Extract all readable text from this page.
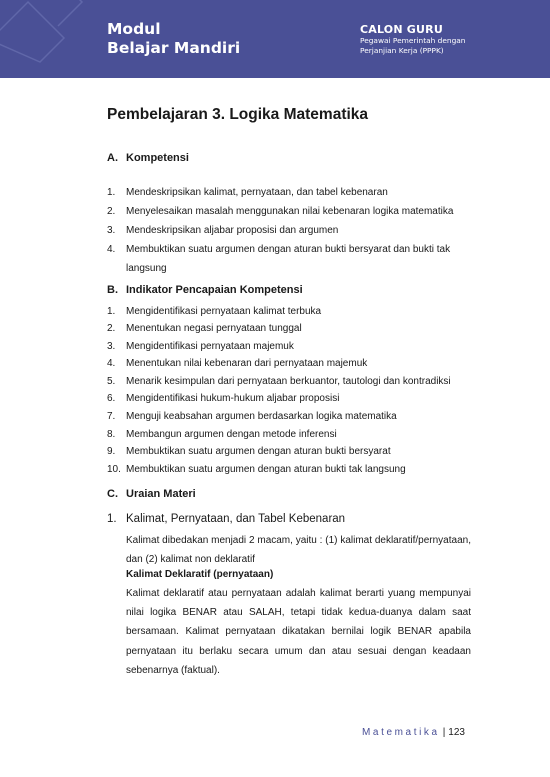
Modul
Belajar Mandiri
CALON GURU
Pegawai Pemerintah dengan
Perjanjian Kerja (PPPK)
Pembelajaran 3. Logika Matematika
A. Kompetensi
1. Mendeskripsikan kalimat, pernyataan, dan tabel kebenaran
2. Menyelesaikan masalah menggunakan nilai kebenaran logika matematika
3. Mendeskripsikan aljabar proposisi dan argumen
4. Membuktikan suatu argumen dengan aturan bukti bersyarat dan bukti tak
langsung
B. Indikator Pencapaian Kompetensi
1. Mengidentifikasi pernyataan kalimat terbuka
2. Menentukan negasi pernyataan tunggal
3. Mengidentifikasi pernyataan majemuk
4. Menentukan nilai kebenaran dari pernyataan majemuk
5. Menarik kesimpulan dari pernyataan berkuantor, tautologi dan kontradiksi
6. Mengidentifikasi hukum-hukum aljabar proposisi
7. Menguji keabsahan argumen berdasarkan logika matematika
8. Membangun argumen dengan metode inferensi
9. Membuktikan suatu argumen dengan aturan bukti bersyarat
10. Membuktikan suatu argumen dengan aturan bukti tak langsung
C. Uraian Materi
1. Kalimat, Pernyataan, dan Tabel Kebenaran
Kalimat dibedakan menjadi 2 macam, yaitu : (1) kalimat deklaratif/pernyataan, dan (2) kalimat non deklaratif
Kalimat Deklaratif (pernyataan)
Kalimat deklaratif atau pernyataan adalah kalimat berarti yuang mempunyai nilai logika BENAR atau SALAH, tetapi tidak kedua-duanya dalam saat bersamaan. Kalimat pernyataan dikatakan bernilai logik BENAR apabila pernyataan itu berlaku secara umum dan atau sesuai dengan keadaan sebenarnya (faktual).
Matematika | 123
